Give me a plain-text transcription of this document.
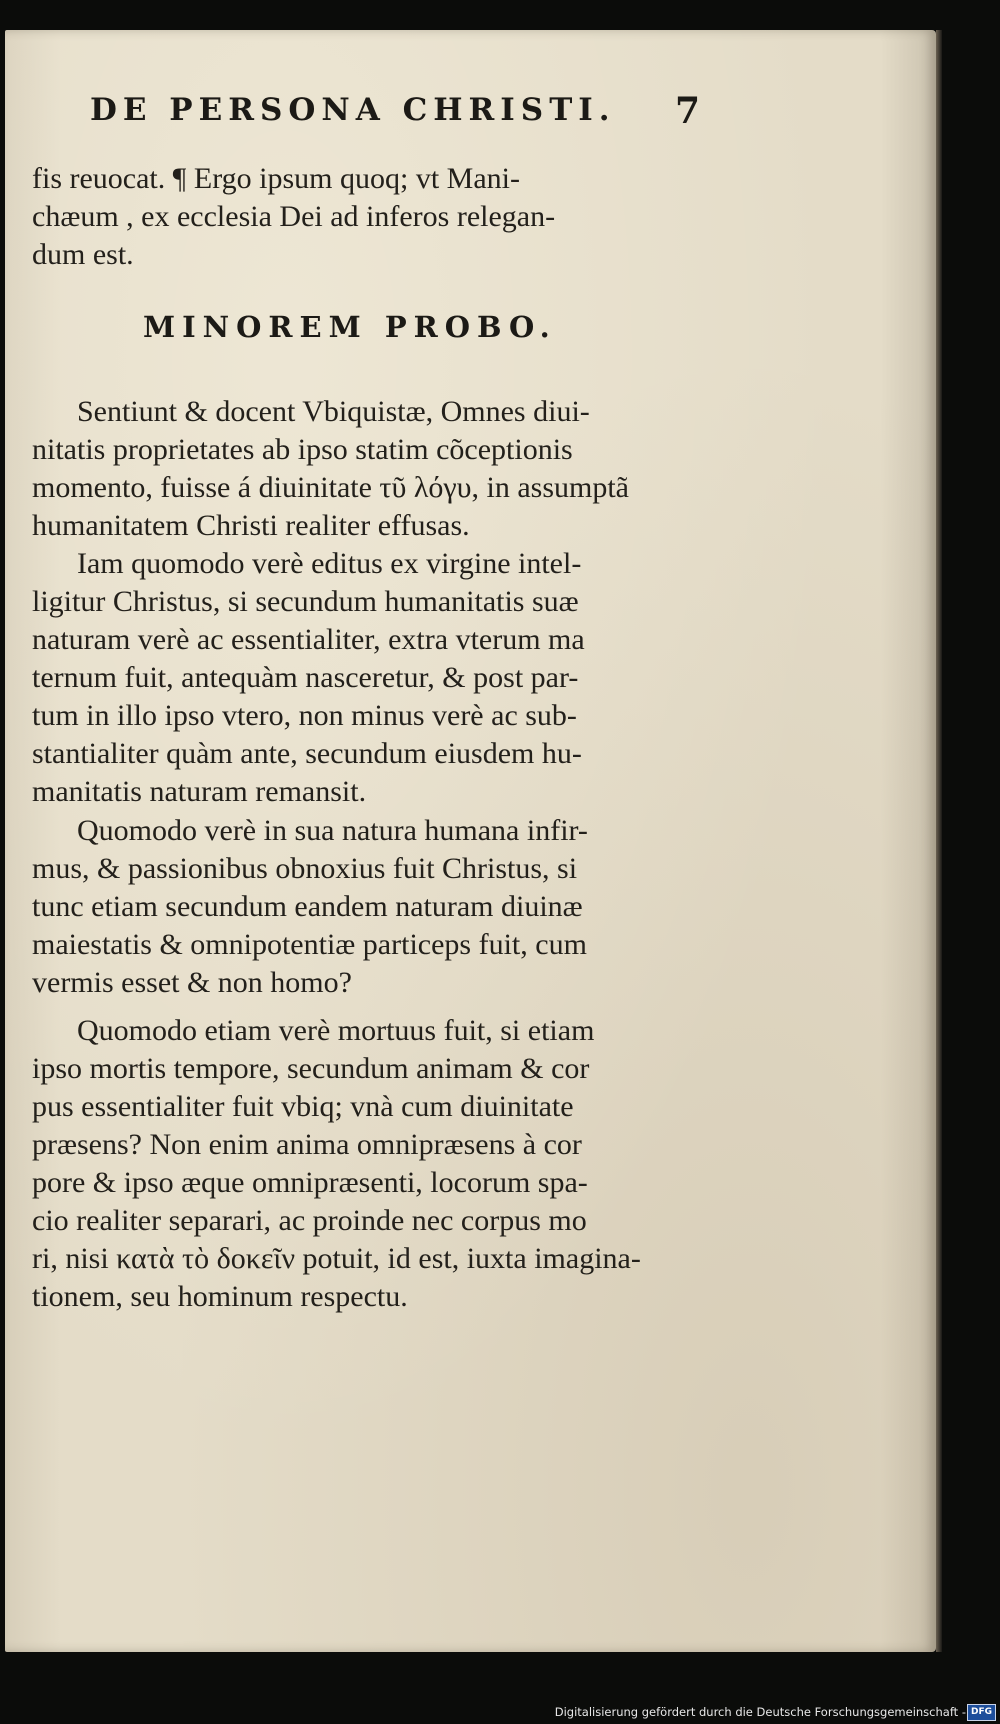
DE PERSONA CHRISTI.	7
fis reuocat. ¶ Ergo ipsum quoq; vt Mani-
chæum , ex ecclesia Dei ad inferos relegan-
dum est.
MINOREM PROBO.
Sentiunt & docent Vbiquistæ, Omnes diui-
nitatis proprietates ab ipso statim cõceptionis
momento, fuisse á diuinitate τῦ λόγυ, in assumptã
humanitatem Christi realiter effusas.
Iam quomodo verè editus ex virgine intel-
ligitur Christus, si secundum humanitatis suæ
naturam verè ac essentialiter, extra vterum ma
ternum fuit, antequàm nasceretur, & post par-
tum in illo ipso vtero, non minus verè ac sub-
stantialiter quàm ante, secundum eiusdem hu-
manitatis naturam remansit.
Quomodo verè in sua natura humana infir-
mus, & passionibus obnoxius fuit Christus, si
tunc etiam secundum eandem naturam diuinæ
maiestatis & omnipotentiæ particeps fuit, cum
vermis esset & non homo?
Quomodo etiam verè mortuus fuit, si etiam
ipso mortis tempore, secundum animam & cor
pus essentialiter fuit vbiq; vnà cum diuinitate
præsens? Non enim anima omnipræsens à cor
pore & ipso æque omnipræsenti, locorum spa-
cio realiter separari, ac proinde nec corpus mo
ri, nisi κατὰ τὸ δοκεῖν potuit, id est, iuxta imagina-
tionem, seu hominum respectu.
Digitalisierung gefördert durch die Deutsche Forschungsgemeinschaft - DFG
